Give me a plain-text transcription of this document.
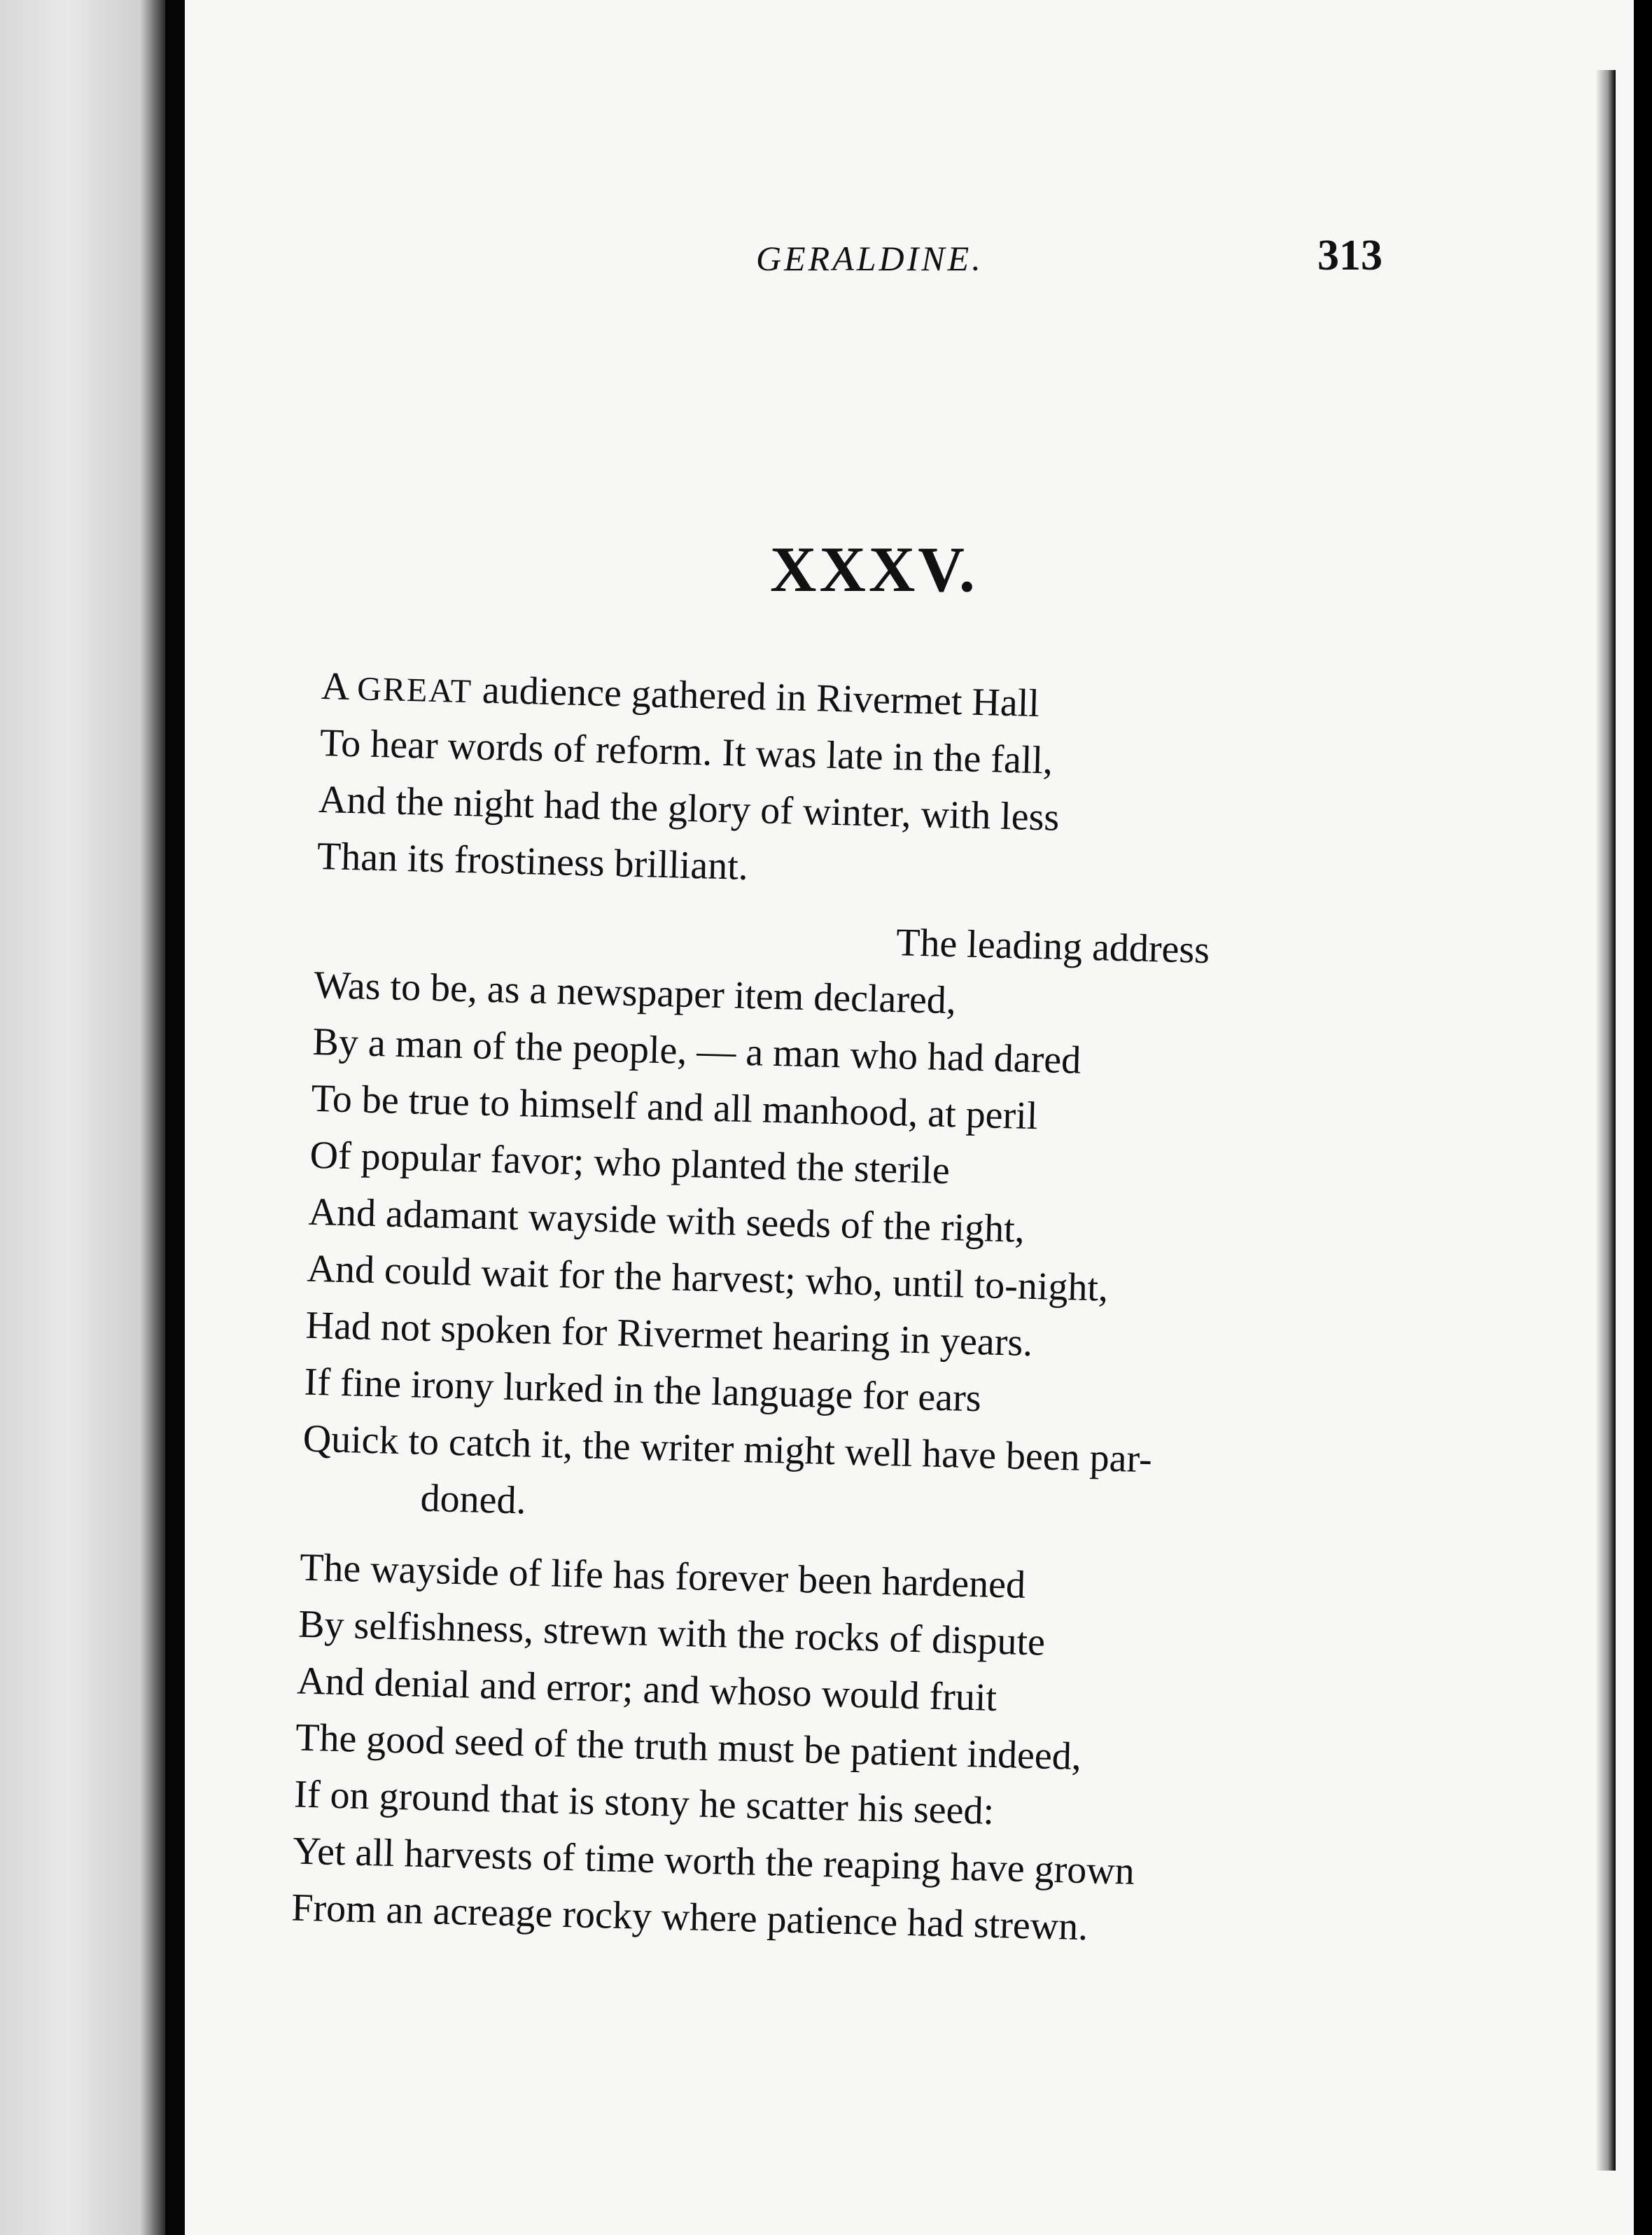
GERALDINE.	313
XXXV.
A GREAT audience gathered in Rivermet Hall
To hear words of reform. It was late in the fall,
And the night had the glory of winter, with less
Than its frostiness brilliant.
The leading address
Was to be, as a newspaper item declared,
By a man of the people, — a man who had dared
To be true to himself and all manhood, at peril
Of popular favor; who planted the sterile
And adamant wayside with seeds of the right,
And could wait for the harvest; who, until to-night,
Had not spoken for Rivermet hearing in years.
If fine irony lurked in the language for ears
Quick to catch it, the writer might well have been par-
doned.
The wayside of life has forever been hardened
By selfishness, strewn with the rocks of dispute
And denial and error; and whoso would fruit
The good seed of the truth must be patient indeed,
If on ground that is stony he scatter his seed:
Yet all harvests of time worth the reaping have grown
From an acreage rocky where patience had strewn.
